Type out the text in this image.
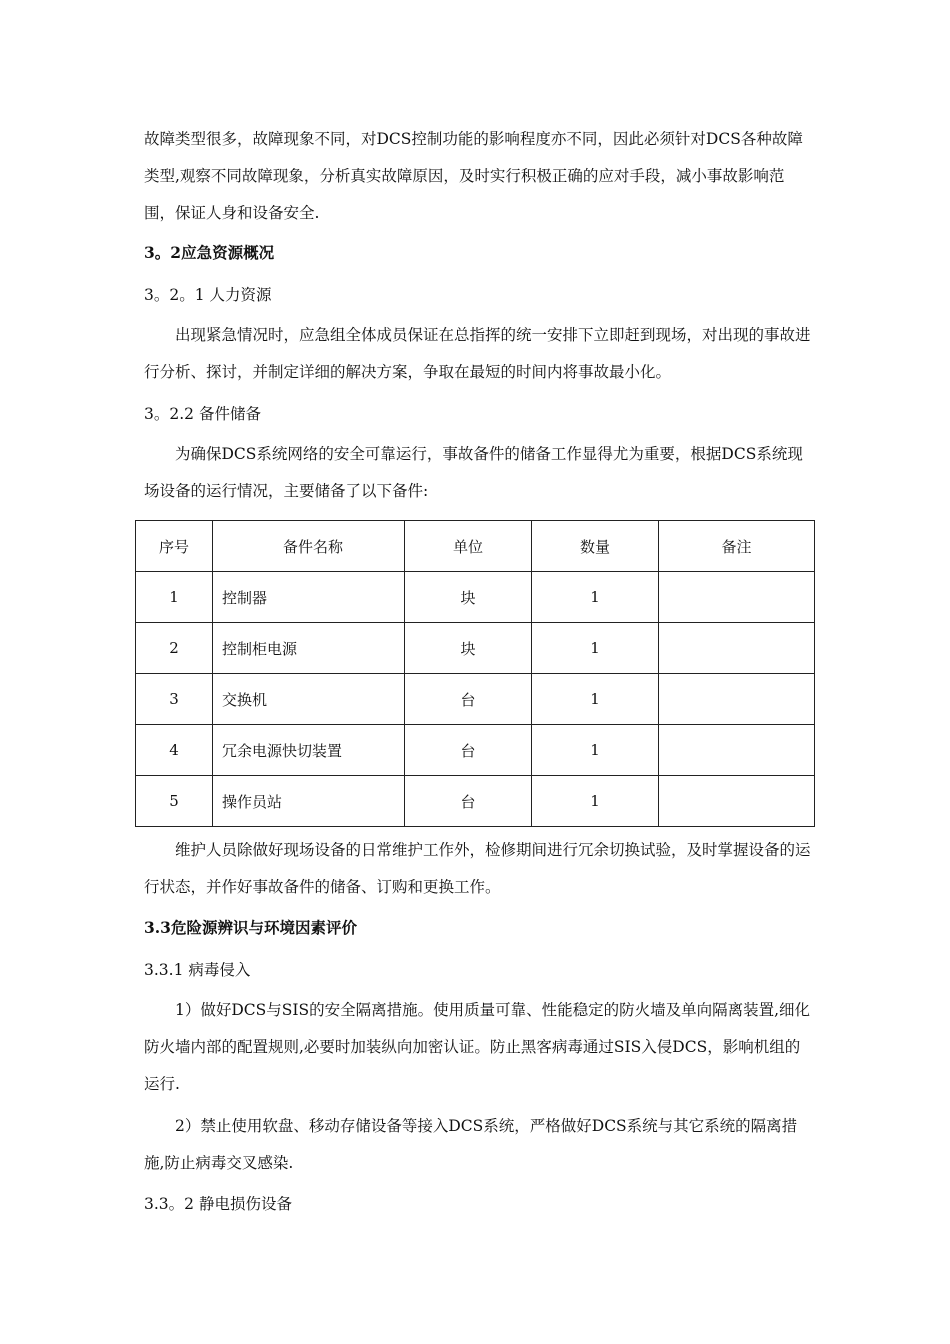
故障类型很多，故障现象不同，对DCS控制功能的影响程度亦不同，因此必须针对DCS各种故障类型,观察不同故障现象，分析真实故障原因，及时实行积极正确的应对手段，减小事故影响范围，保证人身和设备安全.

3。2应急资源概况

3。2。1 人力资源

出现紧急情况时，应急组全体成员保证在总指挥的统一安排下立即赶到现场，对出现的事故进行分析、探讨，并制定详细的解决方案，争取在最短的时间内将事故最小化。

3。2.2 备件储备

为确保DCS系统网络的安全可靠运行，事故备件的储备工作显得尤为重要，根据DCS系统现场设备的运行情况，主要储备了以下备件:

序号	备件名称	单位	数量	备注
1	控制器	块	1	
2	控制柜电源	块	1	
3	交换机	台	1	
4	冗余电源快切装置	台	1	
5	操作员站	台	1	

维护人员除做好现场设备的日常维护工作外，检修期间进行冗余切换试验，及时掌握设备的运行状态，并作好事故备件的储备、订购和更换工作。

3.3危险源辨识与环境因素评价

3.3.1 病毒侵入

1）做好DCS与SIS的安全隔离措施。使用质量可靠、性能稳定的防火墙及单向隔离装置,细化防火墙内部的配置规则,必要时加装纵向加密认证。防止黑客病毒通过SIS入侵DCS，影响机组的运行.

2）禁止使用软盘、移动存储设备等接入DCS系统，严格做好DCS系统与其它系统的隔离措施,防止病毒交叉感染.

3.3。2 静电损伤设备
